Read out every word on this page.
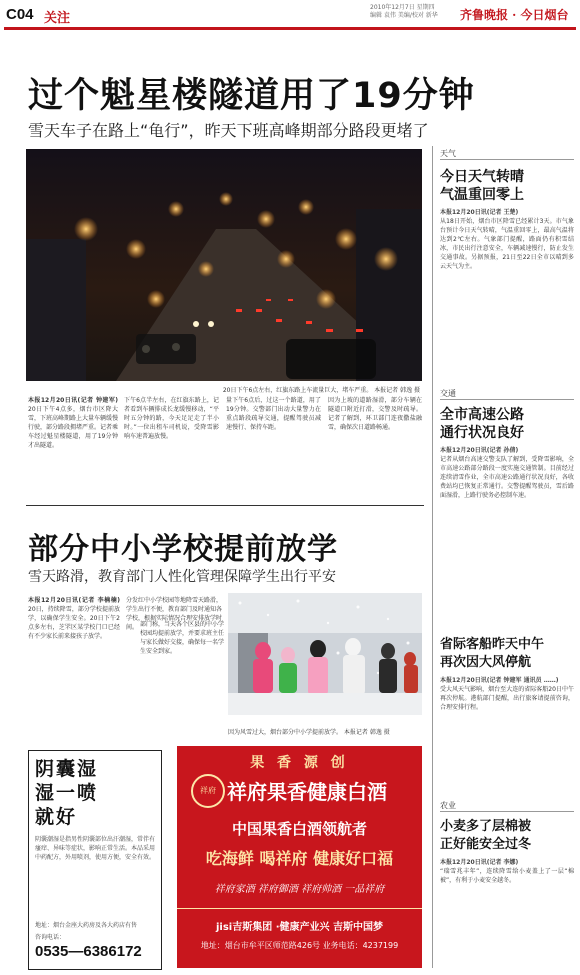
C04 关注
2010年12月7日 星期四
编辑 袁伟 美编/校对 新华 齐鲁晚报 · 今日烟台
过个魁星楼隧道用了19分钟
雪天车子在路上“龟行”，昨天下班高峰期部分路段更堵了
20日下午6点左右，红旗东路上车流量巨大，堵车严重。 本报记者 韩逸 摄
本报12月20日讯(记者 钟建军) 20日下午4点多，烟台市区降大雪，下班高峰期路上大量车辆缓慢行驶，部分路段拥堵严重。记者乘车经过魁星楼隧道，用了19分钟才出隧道。
下午6点半左右，在红旗东路上，记者看到车辆排成长龙缓慢移动，“平时五分钟的路，今天足足走了半小时。”一位出租车司机说，受降雪影响车速普遍放慢。
量下午6点后，过这一个路道，用了19分钟。交警部门出动大量警力在重点路段疏导交通，提醒驾驶员减速慢行、保持车距。
因为上坡的道路湿滑，部分车辆在隧道口附近打滑，交警及时疏导。记者了解到，环卫部门连夜撒盐融雪，确保次日道路畅通。
部分中小学校提前放学
雪天路滑，教育部门人性化管理保障学生出行平安
本报12月20日讯(记者 李楠楠) 20日，持续降雪，部分学校提前放学，以确保学生安全。20日下午2点多左右，芝罘区某学校门口已经有不少家长前来接孩子放学。
分发红中小学校园等地降雪天路滑，学生出行不便，教育部门及时通知各学校，根据实际情况合理安排放学时间。 部门称，当天各个区县的中小学校园均提前放学，并要求班主任与家长做好交接，确保每一名学生安全到家。
因为风雪过大，烟台部分中小学提前放学。 本报记者 韩逸 摄
阴囊湿
湿一喷
就好
阴囊潮湿是指男性阴囊部位出汗潮湿，常伴有瘙痒、异味等症状，影响正常生活。本品采用中药配方，外用喷剂，使用方便，安全有效。
地址：烟台金座大药房及各大药店有售
咨询电话：
0535—6386172
果 香 源 创
祥府 祥府果香健康白酒
中国果香白酒领航者
吃海鲜 喝祥府 健康好口福
祥府家酒 祥府御酒 祥府帅酒 一品祥府
jisi吉斯集团 ·健康产业兴 吉斯中国梦
地址：烟台市牟平区师范路426号 业务电话：4237199
天气
今日天气转晴
气温重回零上
本报12月20日讯(记者 王楚)
从18日开始，烟台市区降雪已经累计3天。市气象台预计今日天气转晴，气温重回零上，最高气温将达到2℃左右。气象部门提醒，路面仍有积雪结冰，市民出行注意安全，车辆减速慢行，防止发生交通事故。另据预报，21日至22日全市以晴到多云天气为主。
交通
全市高速公路
通行状况良好
本报12月20日讯(记者 孙倩)
记者从烟台高速交警支队了解到，受降雪影响，全市高速公路部分路段一度实施交通管制。目前经过连续清雪作业，全市高速公路通行状况良好，各收费站均已恢复正常通行。交警提醒驾驶员，雪后路面湿滑，上路行驶务必控制车速。
省际客船昨天中午
再次因大风停航
本报12月20日讯(记者 钟建军 通讯员 ……)
受大风天气影响，烟台至大连的省际客船20日中午再次停航。港航部门提醒，出行旅客请提前咨询，合理安排行程。
农业
小麦多了层棉被
正好能安全过冬
本报12月20日讯(记者 李娜)
“瑞雪兆丰年”，连续降雪给小麦盖上了一层“棉被”，有利于小麦安全越冬。
